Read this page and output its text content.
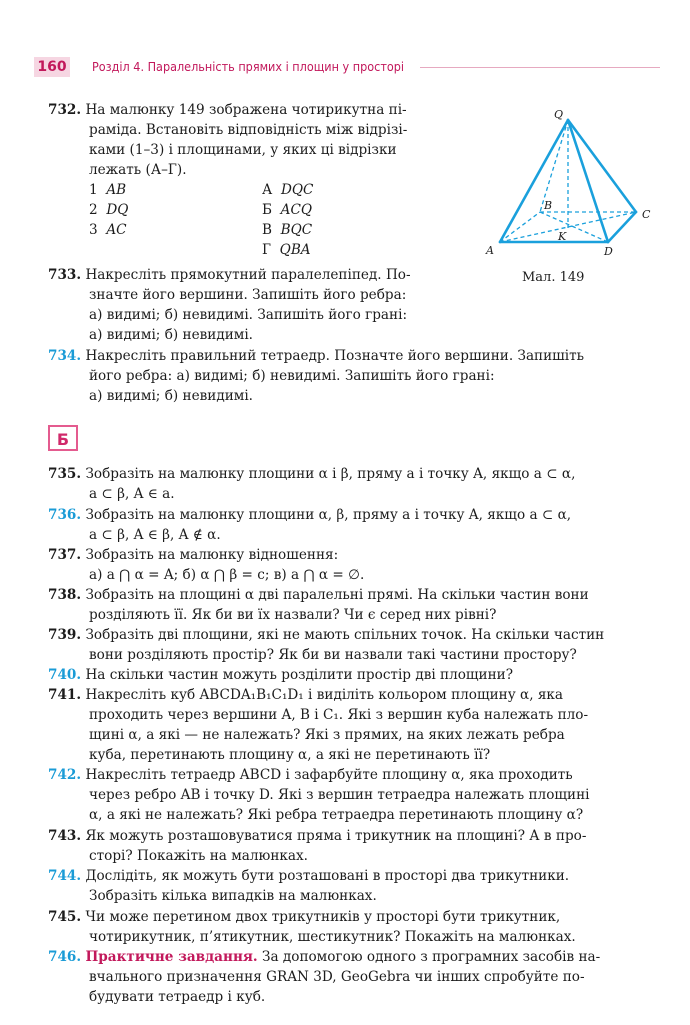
160 Розділ 4. Паралельність прямих і площин у просторі
732. На малюнку 149 зображена чотирикутна пі-
раміда. Встановіть відповідність між відрізі-
ками (1–3) і площинами, у яких ці відрізки
лежать (А–Г).
1 AB
2 DQ
3 AC
А DQC
Б ACQ
В BQC
Г QBA
Q
A
B
C
D
K
Мал. 149
733. Накресліть прямокутний паралелепіпед. По-
значте його вершини. Запишіть його ребра:
а) видимі; б) невидимі. Запишіть його грані:
а) видимі; б) невидимі.
734. Накресліть правильний тетраедр. Позначте його вершини. Запишіть
його ребра: а) видимі; б) невидимі. Запишіть його грані:
а) видимі; б) невидимі.
Б
735. Зобразіть на малюнку площини α і β, пряму a і точку A, якщо a ⊂ α,
a ⊂ β, A ∈ a.
736. Зобразіть на малюнку площини α, β, пряму a і точку A, якщо a ⊂ α,
a ⊂ β, A ∈ β, A ∉ α.
737. Зобразіть на малюнку відношення:
а) a ⋂ α = A; б) α ⋂ β = c; в) a ⋂ α = ∅.
738. Зобразіть на площині α дві паралельні прямі. На скільки частин вони
розділяють її. Як би ви їх назвали? Чи є серед них рівні?
739. Зобразіть дві площини, які не мають спільних точок. На скільки частин
вони розділяють простір? Як би ви назвали такі частини простору?
740. На скільки частин можуть розділити простір дві площини?
741. Накресліть куб ABCDA₁B₁C₁D₁ і виділіть кольором площину α, яка
проходить через вершини A, B і C₁. Які з вершин куба належать пло-
щині α, а які — не належать? Які з прямих, на яких лежать ребра
куба, перетинають площину α, а які не перетинають її?
742. Накресліть тетраедр ABCD і зафарбуйте площину α, яка проходить
через ребро AB і точку D. Які з вершин тетраедра належать площині
α, а які не належать? Які ребра тетраедра перетинають площину α?
743. Як можуть розташовуватися пряма і трикутник на площині? А в про-
сторі? Покажіть на малюнках.
744. Дослідіть, як можуть бути розташовані в просторі два трикутники.
Зобразіть кілька випадків на малюнках.
745. Чи може перетином двох трикутників у просторі бути трикутник,
чотирикутник, п’ятикутник, шестикутник? Покажіть на малюнках.
746. Практичне завдання. За допомогою одного з програмних засобів на-
вчального призначення GRAN 3D, GeoGebra чи інших спробуйте по-
будувати тетраедр і куб.
